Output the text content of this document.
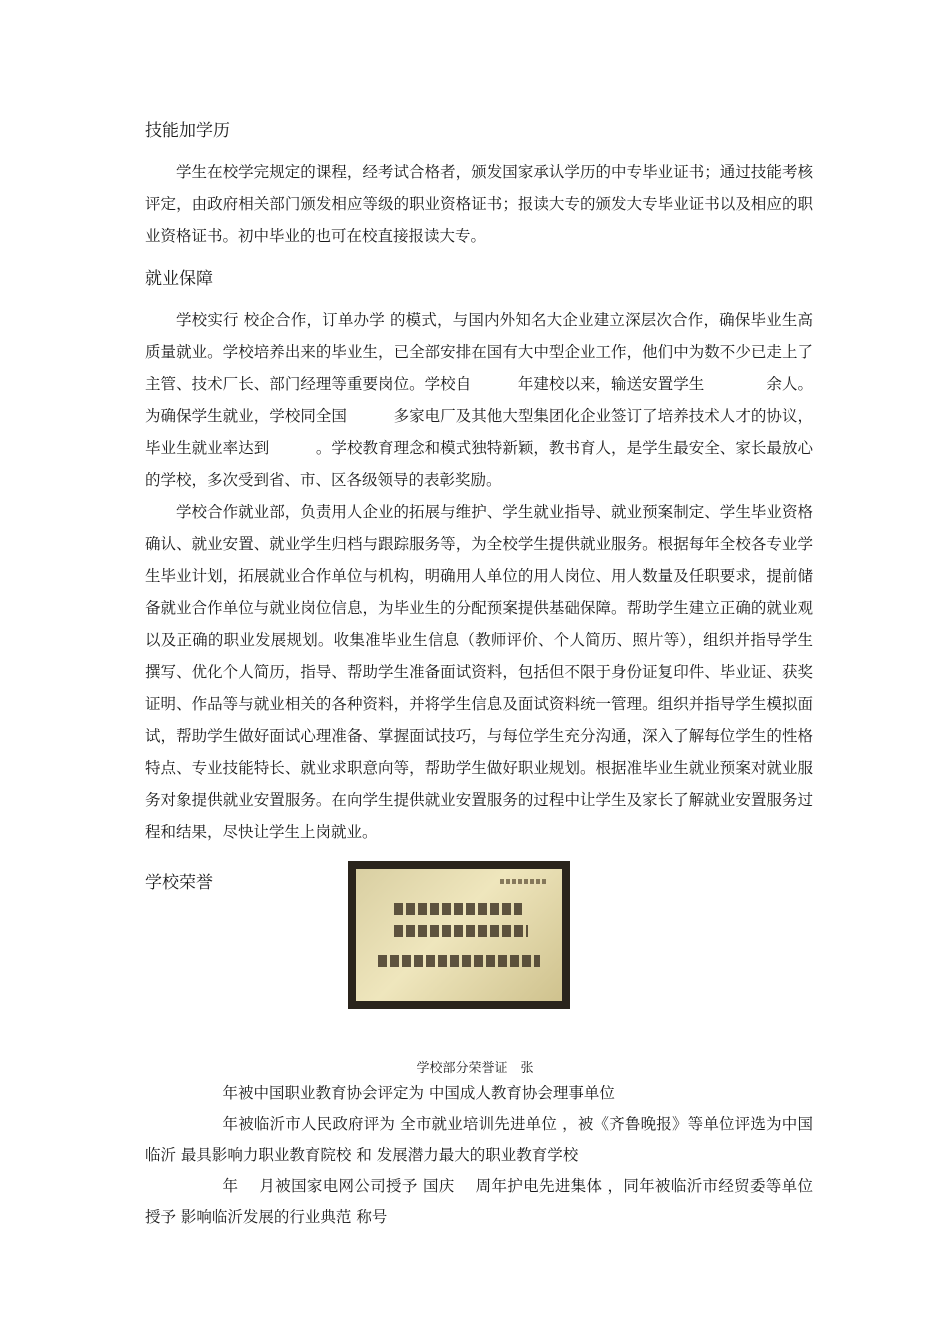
技能加学历

学生在校学完规定的课程，经考试合格者，颁发国家承认学历的中专毕业证书；通过技能考核评定，由政府相关部门颁发相应等级的职业资格证书；报读大专的颁发大专毕业证书以及相应的职业资格证书。初中毕业的也可在校直接报读大专。

就业保障

学校实行 校企合作，订单办学 的模式，与国内外知名大企业建立深层次合作，确保毕业生高质量就业。学校培养出来的毕业生，已全部安排在国有大中型企业工作，他们中为数不少已走上了主管、技术厂长、部门经理等重要岗位。学校自　　　年建校以来，输送安置学生　　　　余人。为确保学生就业，学校同全国　　　多家电厂及其他大型集团化企业签订了培养技术人才的协议，毕业生就业率达到　　　。学校教育理念和模式独特新颖，教书育人，是学生最安全、家长最放心的学校，多次受到省、市、区各级领导的表彰奖励。

学校合作就业部，负责用人企业的拓展与维护、学生就业指导、就业预案制定、学生毕业资格确认、就业安置、就业学生归档与跟踪服务等，为全校学生提供就业服务。根据每年全校各专业学生毕业计划，拓展就业合作单位与机构，明确用人单位的用人岗位、用人数量及任职要求，提前储备就业合作单位与就业岗位信息，为毕业生的分配预案提供基础保障。帮助学生建立正确的就业观以及正确的职业发展规划。收集准毕业生信息（教师评价、个人简历、照片等），组织并指导学生撰写、优化个人简历，指导、帮助学生准备面试资料，包括但不限于身份证复印件、毕业证、获奖证明、作品等与就业相关的各种资料，并将学生信息及面试资料统一管理。组织并指导学生模拟面试，帮助学生做好面试心理准备、掌握面试技巧，与每位学生充分沟通，深入了解每位学生的性格特点、专业技能特长、就业求职意向等，帮助学生做好职业规划。根据准毕业生就业预案对就业服务对象提供就业安置服务。在向学生提供就业安置服务的过程中让学生及家长了解就业安置服务过程和结果，尽快让学生上岗就业。

学校荣誉
学校部分荣誉证　张

年被中国职业教育协会评定为 中国成人教育协会理事单位

年被临沂市人民政府评为 全市就业培训先进单位 ，被《齐鲁晚报》等单位评选为中国临沂 最具影响力职业教育院校 和 发展潜力最大的职业教育学校

年　 月被国家电网公司授予 国庆　 周年护电先进集体 ，同年被临沂市经贸委等单位授予 影响临沂发展的行业典范 称号
